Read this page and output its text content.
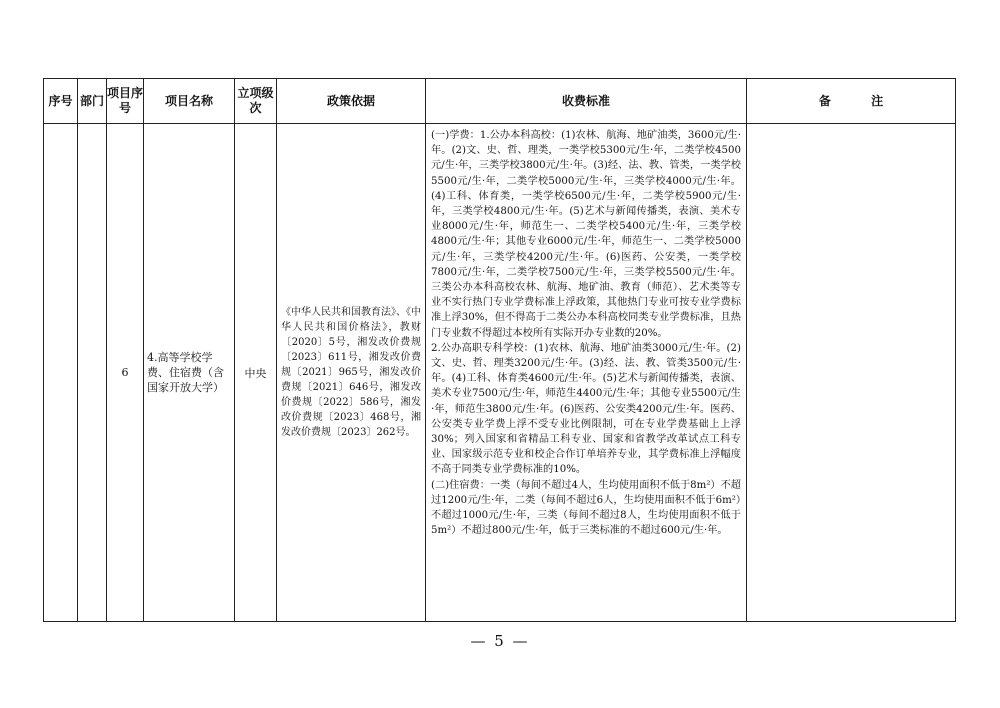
序号	部门	项目序号	项目名称	立项级次	政策依据	收费标准	备 注
		6	4.高等学校学费、住宿费（含国家开放大学）	中央	《中华人民共和国教育法》、《中华人民共和国价格法》，教财〔2020〕5号，湘发改价费规〔2023〕611号，湘发改价费规〔2021〕965号，湘发改价费规〔2021〕646号，湘发改价费规〔2022〕586号，湘发改价费规〔2023〕468号，湘发改价费规〔2023〕262号。	(一)学费：1.公办本科高校：(1)农林、航海、地矿油类，3600元/生·年。(2)文、史、哲、理类，一类学校5300元/生·年，二类学校4500元/生·年，三类学校3800元/生·年。(3)经、法、教、管类，一类学校5500元/生·年，二类学校5000元/生·年，三类学校4000元/生·年。(4)工科、体育类，一类学校6500元/生·年，二类学校5900元/生·年，三类学校4800元/生·年。(5)艺术与新闻传播类，表演、美术专业8000元/生·年，师范生一、二类学校5400元/生·年，三类学校4800元/生·年；其他专业6000元/生·年，师范生一、二类学校5000元/生·年，三类学校4200元/生·年。(6)医药、公安类，一类学校7800元/生·年，二类学校7500元/生·年，三类学校5500元/生·年。三类公办本科高校农林、航海、地矿油、教育（师范）、艺术类等专业不实行热门专业学费标准上浮政策，其他热门专业可按专业学费标准上浮30%，但不得高于二类公办本科高校同类专业学费标准，且热门专业数不得超过本校所有实际开办专业数的20%。

2.公办高职专科学校：(1)农林、航海、地矿油类3000元/生·年。(2)文、史、哲、理类3200元/生·年。(3)经、法、教、管类3500元/生·年。(4)工科、体育类4600元/生·年。(5)艺术与新闻传播类，表演、美术专业7500元/生·年，师范生4400元/生·年；其他专业5500元/生·年，师范生3800元/生·年。(6)医药、公安类4200元/生·年。医药、公安类专业学费上浮不受专业比例限制，可在专业学费基础上上浮30%；列入国家和省精品工科专业、国家和省教学改革试点工科专业、国家级示范专业和校企合作订单培养专业，其学费标准上浮幅度不高于同类专业学费标准的10%。

(二)住宿费：一类（每间不超过4人，生均使用面积不低于8m²）不超过1200元/生·年，二类（每间不超过6人，生均使用面积不低于6m²）不超过1000元/生·年，三类（每间不超过8人，生均使用面积不低于5m²）不超过800元/生·年，低于三类标准的不超过600元/生·年。	

— 5 —
